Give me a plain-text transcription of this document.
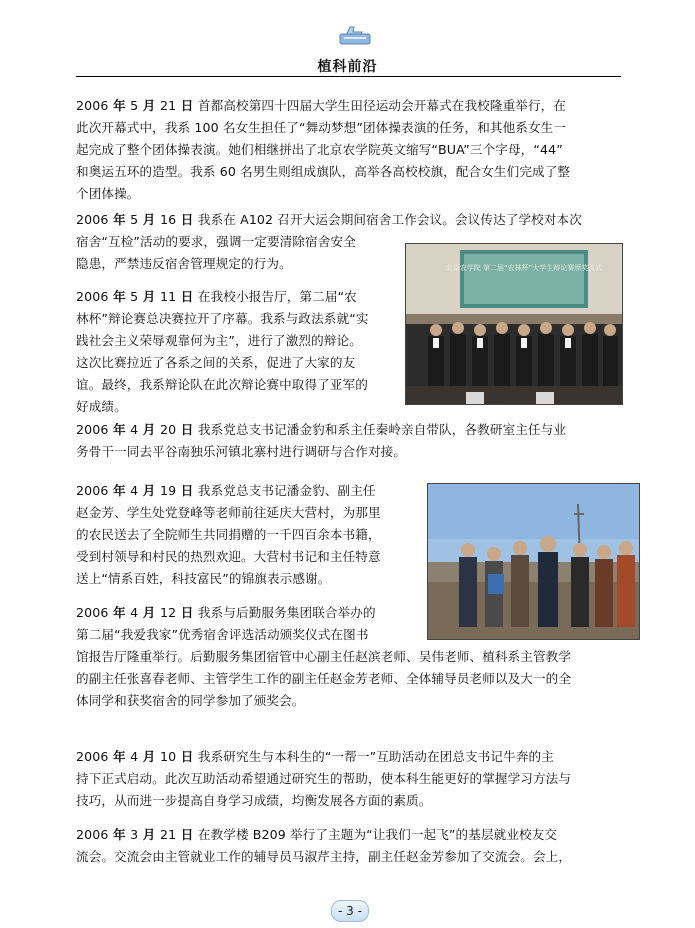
植科前沿
2006 年 5 月 21 日 首都高校第四十四届大学生田径运动会开幕式在我校隆重举行，在
此次开幕式中，我系 100 名女生担任了“舞动梦想”团体操表演的任务，和其他系女生一
起完成了整个团体操表演。她们相继拼出了北京农学院英文缩写“BUA”三个字母，“44”
和奥运五环的造型。我系 60 名男生则组成旗队，高举各高校校旗，配合女生们完成了整
个团体操。
2006 年 5 月 16 日 我系在 A102 召开大运会期间宿舍工作会议。会议传达了学校对本次
宿舍“互检”活动的要求，强调一定要清除宿舍安全
隐患，严禁违反宿舍管理规定的行为。
2006 年 5 月 11 日 在我校小报告厅，第二届“农
林杯”辩论赛总决赛拉开了序幕。我系与政法系就“实
践社会主义荣辱观靠何为主”，进行了激烈的辩论。
这次比赛拉近了各系之间的关系，促进了大家的友
谊。最终，我系辩论队在此次辩论赛中取得了亚军的
好成绩。
北京农学院 第二届“农林杯”大学生辩论赛颁奖仪式
2006 年 4 月 20 日 我系党总支书记潘金豹和系主任秦岭亲自带队，各教研室主任与业
务骨干一同去平谷南独乐河镇北寨村进行调研与合作对接。
2006 年 4 月 19 日 我系党总支书记潘金豹、副主任
赵金芳、学生处党登峰等老师前往延庆大营村，为那里
的农民送去了全院师生共同捐赠的一千四百余本书籍，
受到村领导和村民的热烈欢迎。大营村书记和主任特意
送上“情系百姓，科技富民”的锦旗表示感谢。
2006 年 4 月 12 日 我系与后勤服务集团联合举办的
第二届“我爱我家”优秀宿舍评选活动颁奖仪式在图书
馆报告厅隆重举行。后勤服务集团宿管中心副主任赵滨老师、吴伟老师、植科系主管教学
的副主任张喜春老师、主管学生工作的副主任赵金芳老师、全体辅导员老师以及大一的全
体同学和获奖宿舍的同学参加了颁奖会。
2006 年 4 月 10 日 我系研究生与本科生的“一帮一”互助活动在团总支书记牛奔的主
持下正式启动。此次互助活动希望通过研究生的帮助，使本科生能更好的掌握学习方法与
技巧，从而进一步提高自身学习成绩，均衡发展各方面的素质。
2006 年 3 月 21 日 在教学楼 B209 举行了主题为“让我们一起飞”的基层就业校友交
流会。交流会由主管就业工作的辅导员马淑芹主持，副主任赵金芳参加了交流会。会上，
- 3 -
